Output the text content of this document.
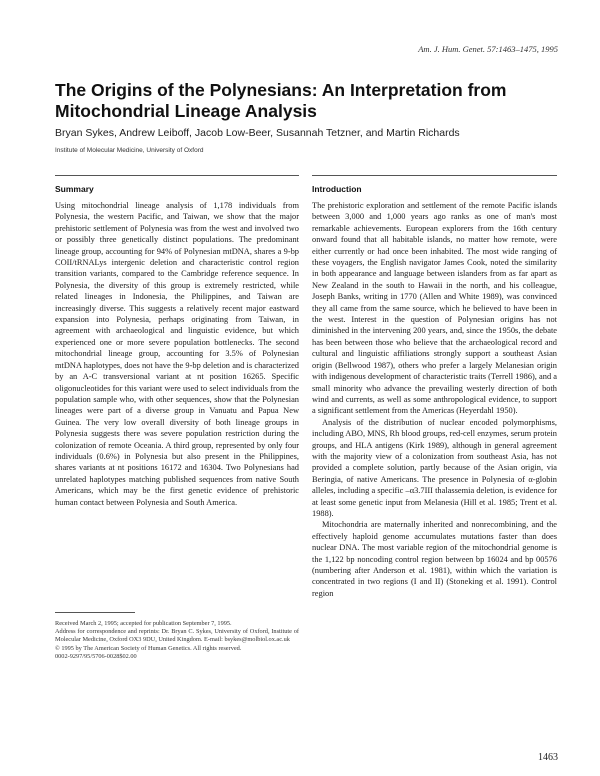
Am. J. Hum. Genet. 57:1463–1475, 1995
The Origins of the Polynesians: An Interpretation from Mitochondrial Lineage Analysis
Bryan Sykes, Andrew Leiboff, Jacob Low-Beer, Susannah Tetzner, and Martin Richards
Institute of Molecular Medicine, University of Oxford
Summary	Introduction

Using mitochondrial lineage analysis of 1,178 individuals from Polynesia, the western Pacific, and Taiwan, we show that the major prehistoric settlement of Polynesia was from the west and involved two or possibly three genetically distinct populations. The predominant lineage group, accounting for 94% of Polynesian mtDNA, shares a 9-bp COII/tRNALys intergenic deletion and characteristic control region transition variants, compared to the Cambridge reference sequence. In Polynesia, the diversity of this group is extremely restricted, while related lineages in Indonesia, the Philippines, and Taiwan are increasingly diverse. This suggests a relatively recent major eastward expansion into Polynesia, perhaps originating from Taiwan, in agreement with archaeological and linguistic evidence, but which experienced one or more severe population bottlenecks. The second mitochondrial lineage group, accounting for 3.5% of Polynesian mtDNA haplotypes, does not have the 9-bp deletion and is characterized by an A-C transversional variant at nt position 16265. Specific oligonucleotides for this variant were used to select individuals from the population sample who, with other sequences, show that the Polynesian lineages were part of a diverse group in Vanuatu and Papua New Guinea. The very low overall diversity of both lineage groups in Polynesia suggests there was severe population restriction during the colonization of remote Oceania. A third group, represented by only four individuals (0.6%) in Polynesia but also present in the Philippines, shares variants at nt positions 16172 and 16304. Two Polynesians had unrelated haplotypes matching published sequences from native South Americans, which may be the first genetic evidence of prehistoric human contact between Polynesia and South America.

The prehistoric exploration and settlement of the remote Pacific islands between 3,000 and 1,000 years ago ranks as one of man's most remarkable achievements. European explorers from the 16th century onward found that all habitable islands, no matter how remote, were either currently or had once been inhabited. The most wide ranging of these voyagers, the English navigator James Cook, noted the similarity in both appearance and language between islanders from as far apart as New Zealand in the south to Hawaii in the north, and his colleague, Joseph Banks, writing in 1770 (Allen and White 1989), was convinced they all came from the same source, which he believed to have been in the west. Interest in the question of Polynesian origins has not diminished in the intervening 200 years, and, since the 1950s, the debate has been between those who believe that the archaeological record and cultural and linguistic affiliations strongly support a southeast Asian origin (Bellwood 1987), others who prefer a largely Melanesian origin with indigenous development of characteristic traits (Terrell 1986), and a small minority who advance the prevailing westerly direction of both wind and currents, as well as some anthropological evidence, to support a significant settlement from the Americas (Heyerdahl 1950).

Analysis of the distribution of nuclear encoded polymorphisms, including ABO, MNS, Rh blood groups, red-cell enzymes, serum protein groups, and HLA antigens (Kirk 1989), although in general agreement with the majority view of a colonization from southeast Asia, has not provided a complete solution, partly because of the Asian origin, via Beringia, of native Americans. The presence in Polynesia of α-globin alleles, including a specific –α3.7III thalassemia deletion, is evidence for at least some genetic input from Melanesia (Hill et al. 1985; Trent et al. 1988).

Mitochondria are maternally inherited and nonrecombining, and the effectively haploid genome accumulates mutations faster than does nuclear DNA. The most variable region of the mitochondrial genome is the 1,122 bp noncoding control region between bp 16024 and bp 00576 (numbering after Anderson et al. 1981), within which the variation is concentrated in two regions (I and II) (Stoneking et al. 1991). Control region

Received March 2, 1995; accepted for publication September 7, 1995.

Address for correspondence and reprints: Dr. Bryan C. Sykes, University of Oxford, Institute of Molecular Medicine, Oxford OX3 9DU, United Kingdom. E-mail: bsykes@molbiol.ox.ac.uk

© 1995 by The American Society of Human Genetics. All rights reserved.

0002-9297/95/5706-0028$02.00

1463
